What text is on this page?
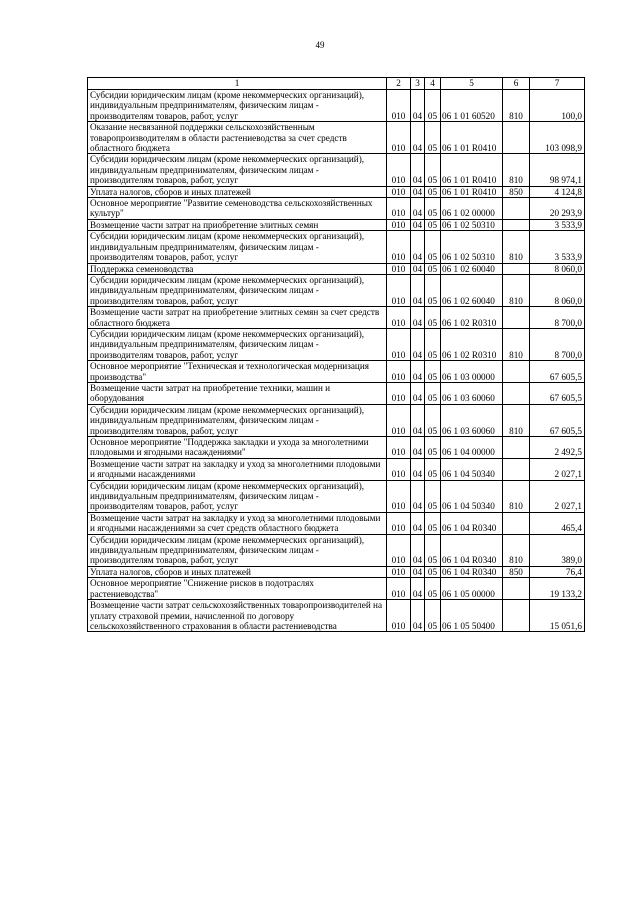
49
1	2	3	4	5	6	7
Субсидии юридическим лицам (кроме некоммерческих организаций), индивидуальным предпринимателям, физическим лицам - производителям товаров, работ, услуг	010	04	05	06 1 01 60520	810	100,0
Оказание несвязанной поддержки сельскохозяйственным товаропроизводителям в области растениеводства за счет средств областного бюджета	010	04	05	06 1 01 R0410		103 098,9
Субсидии юридическим лицам (кроме некоммерческих организаций), индивидуальным предпринимателям, физическим лицам - производителям товаров, работ, услуг	010	04	05	06 1 01 R0410	810	98 974,1
Уплата налогов, сборов и иных платежей	010	04	05	06 1 01 R0410	850	4 124,8
Основное мероприятие "Развитие семеноводства сельскохозяйственных культур"	010	04	05	06 1 02 00000		20 293,9
Возмещение части затрат на приобретение элитных семян	010	04	05	06 1 02 50310		3 533,9
Субсидии юридическим лицам (кроме некоммерческих организаций), индивидуальным предпринимателям, физическим лицам - производителям товаров, работ, услуг	010	04	05	06 1 02 50310	810	3 533,9
Поддержка семеноводства	010	04	05	06 1 02 60040		8 060,0
Субсидии юридическим лицам (кроме некоммерческих организаций), индивидуальным предпринимателям, физическим лицам - производителям товаров, работ, услуг	010	04	05	06 1 02 60040	810	8 060,0
Возмещение части затрат на приобретение элитных семян за счет средств областного бюджета	010	04	05	06 1 02 R0310		8 700,0
Субсидии юридическим лицам (кроме некоммерческих организаций), индивидуальным предпринимателям, физическим лицам - производителям товаров, работ, услуг	010	04	05	06 1 02 R0310	810	8 700,0
Основное мероприятие "Техническая и технологическая модернизация производства"	010	04	05	06 1 03 00000		67 605,5
Возмещение части затрат на приобретение техники, машин и оборудования	010	04	05	06 1 03 60060		67 605,5
Субсидии юридическим лицам (кроме некоммерческих организаций), индивидуальным предпринимателям, физическим лицам - производителям товаров, работ, услуг	010	04	05	06 1 03 60060	810	67 605,5
Основное мероприятие "Поддержка закладки и ухода за многолетними плодовыми и ягодными насаждениями"	010	04	05	06 1 04 00000		2 492,5
Возмещение части затрат на закладку и уход за многолетними плодовыми и ягодными насаждениями	010	04	05	06 1 04 50340		2 027,1
Субсидии юридическим лицам (кроме некоммерческих организаций), индивидуальным предпринимателям, физическим лицам - производителям товаров, работ, услуг	010	04	05	06 1 04 50340	810	2 027,1
Возмещение части затрат на закладку и уход за многолетними плодовыми и ягодными насаждениями за счет средств областного бюджета	010	04	05	06 1 04 R0340		465,4
Субсидии юридическим лицам (кроме некоммерческих организаций), индивидуальным предпринимателям, физическим лицам - производителям товаров, работ, услуг	010	04	05	06 1 04 R0340	810	389,0
Уплата налогов, сборов и иных платежей	010	04	05	06 1 04 R0340	850	76,4
Основное мероприятие "Снижение рисков в подотраслях растениеводства"	010	04	05	06 1 05 00000		19 133,2
Возмещение части затрат сельскохозяйственных товаропроизводителей на уплату страховой премии, начисленной по договору сельскохозяйственного страхования в области растениеводства	010	04	05	06 1 05 50400		15 051,6
